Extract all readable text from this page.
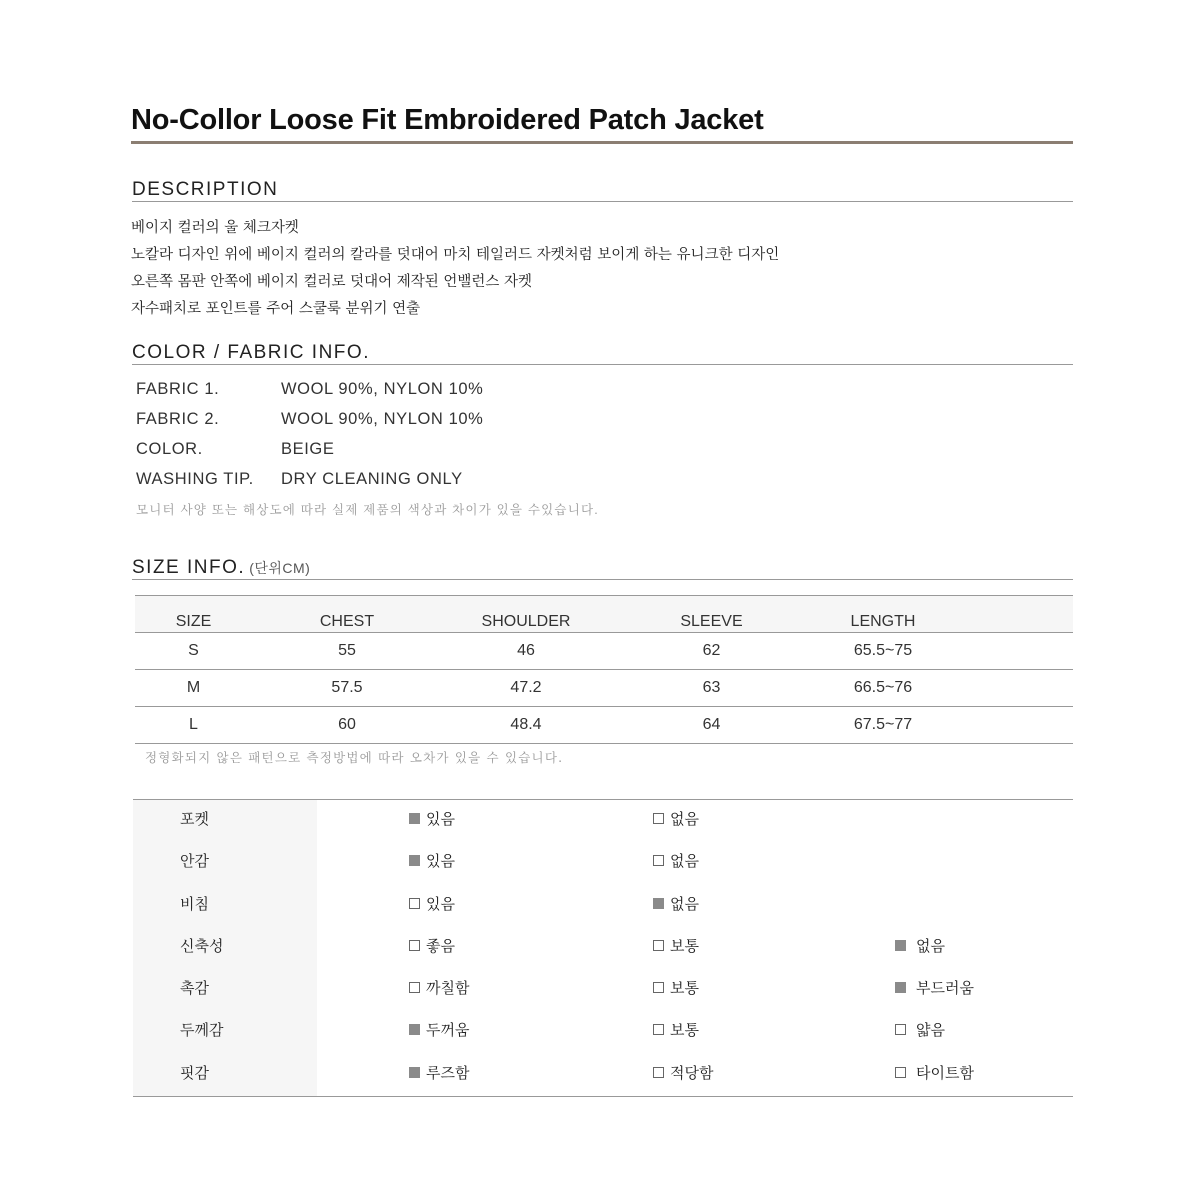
No-Collor Loose Fit Embroidered Patch Jacket
DESCRIPTION
베이지 컬러의 울 체크자켓
노칼라 디자인 위에 베이지 컬러의 칼라를 덧대어 마치 테일러드 자켓처럼 보이게 하는 유니크한 디자인
오른쪽 몸판 안쪽에 베이지 컬러로 덧대어 제작된 언밸런스 자켓
자수패치로 포인트를 주어 스쿨룩 분위기 연출
COLOR / FABRIC INFO.
FABRIC 1.	WOOL 90%, NYLON 10%
FABRIC 2.	WOOL 90%, NYLON 10%
COLOR.	BEIGE
WASHING TIP.	DRY CLEANING ONLY
모니터 사양 또는 해상도에 따라 실제 제품의 색상과 차이가 있을 수있습니다.
SIZE INFO. (단위CM)
SIZE	CHEST	SHOULDER	SLEEVE	LENGTH	
S	55	46	62	65.5~75	
M	57.5	47.2	63	66.5~76	
L	60	48.4	64	67.5~77	
정형화되지 않은 패턴으로 측정방법에 따라 오차가 있을 수 있습니다.
포켓	있음	없음
안감	있음	없음
비침	있음	없음
신축성	좋음	보통	없음
촉감	까칠함	보통	부드러움
두께감	두꺼움	보통	얇음
핏감	루즈함	적당함	타이트함
